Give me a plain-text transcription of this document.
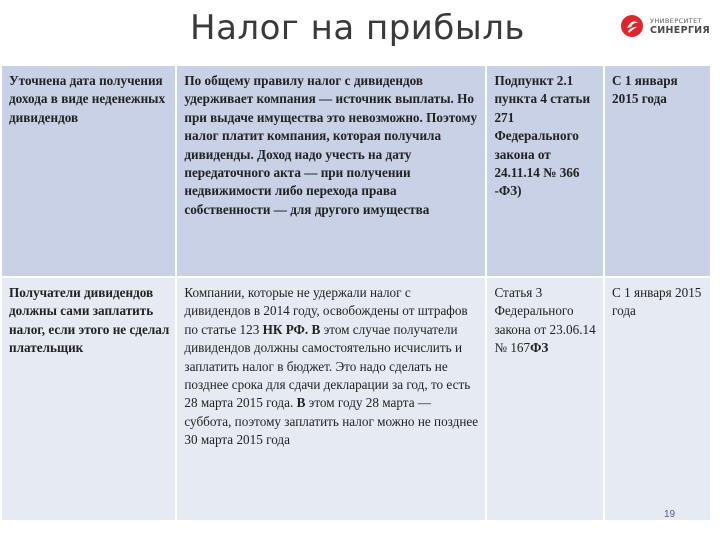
Налог на прибыль	УНИВЕРСИТЕТ
СИНЕРГИЯ
Уточнена дата получения дохода в виде неденежных дивидендов	По общему правилу налог с дивидендов удерживает компания — источник выплаты. Но при выдаче имущества это невозможно. Поэтому налог платит компания, которая получила дивиденды. Доход надо учесть на дату передаточного акта — при получении недвижимости либо перехода права собственности — для другого имущества	Подпункт 2.1 пункта 4 статьи 271 Федерального закона от 24.11.14 № 366 -ФЗ)	С 1 января 2015 года
Получатели дивидендов должны сами заплатить налог, если этого не сделал плательщик	Компании, которые не удержали налог с дивидендов в 2014 году, освобождены от штрафов по статье 123 НК РФ. В этом случае получатели дивидендов должны самостоятельно исчислить и заплатить налог в бюджет. Это надо сделать не позднее срока для сдачи декларации за год, то есть 28 марта 2015 года. В этом году 28 марта — суббота, поэтому заплатить налог можно не позднее 30 марта 2015 года	Статья 3 Федерального закона от 23.06.14 № 167ФЗ	С 1 января 2015 года
19
